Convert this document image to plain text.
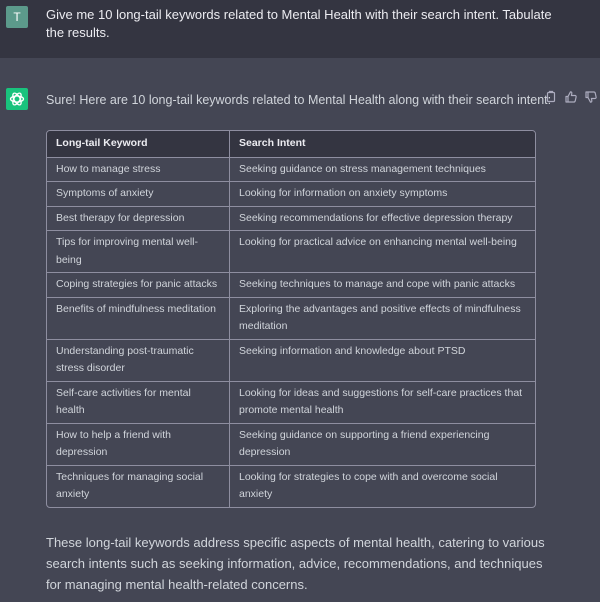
T	Give me 10 long-tail keywords related to Mental Health with their search intent. Tabulate the results.
Sure! Here are 10 long-tail keywords related to Mental Health along with their search intent:
Long-tail Keyword	Search Intent
How to manage stress	Seeking guidance on stress management techniques
Symptoms of anxiety	Looking for information on anxiety symptoms
Best therapy for depression	Seeking recommendations for effective depression therapy
Tips for improving mental well-being	Looking for practical advice on enhancing mental well-being
Coping strategies for panic attacks	Seeking techniques to manage and cope with panic attacks
Benefits of mindfulness meditation	Exploring the advantages and positive effects of mindfulness meditation
Understanding post-traumatic stress disorder	Seeking information and knowledge about PTSD
Self-care activities for mental health	Looking for ideas and suggestions for self-care practices that promote mental health
How to help a friend with depression	Seeking guidance on supporting a friend experiencing depression
Techniques for managing social anxiety	Looking for strategies to cope with and overcome social anxiety
These long-tail keywords address specific aspects of mental health, catering to various search intents such as seeking information, advice, recommendations, and techniques for managing mental health-related concerns.
